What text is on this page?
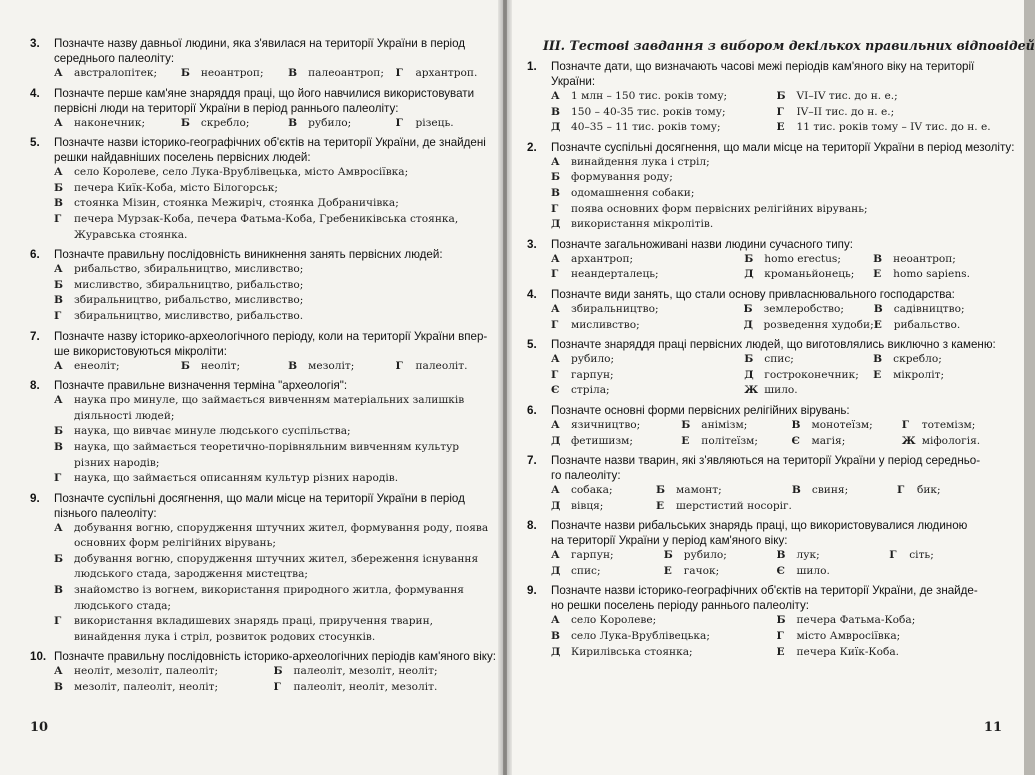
3.	Позначте назву давньої людини, яка з'явилася на території України в період
середнього палеоліту:
А	австралопітек;	Б	неоантроп;	В	палеоантроп;	Г	архантроп.
4.	Позначте перше кам'яне знаряддя праці, що його навчилися використовувати
первісні люди на території України в період раннього палеоліту:
А	наконечник;	Б	скребло;	В	рубило;	Г	різець.
5.	Позначте назви історико-географічних об'єктів на території України, де знайдені
решки найдавніших поселень первісних людей:
А	село Королеве, село Лука-Врублівецька, місто Амвросіївка;
Б	печера Киїк-Коба, місто Білогорськ;
В	стоянка Мізин, стоянка Межиріч, стоянка Добраничівка;
Г	печера Мурзак-Коба, печера Фатьма-Коба, Гребениківська стоянка, Журавська стоянка.
6.	Позначте правильну послідовність виникнення занять первісних людей:
А	рибальство, збиральництво, мисливство;
Б	мисливство, збиральництво, рибальство;
В	збиральництво, рибальство, мисливство;
Г	збиральництво, мисливство, рибальство.
7.	Позначте назву історико-археологічного періоду, коли на території України впер-
ше використовуються мікроліти:
А	енеоліт;	Б	неоліт;	В	мезоліт;	Г	палеоліт.
8.	Позначте правильне визначення терміна "археологія":
А	наука про минуле, що займається вивченням матеріальних залишків діяльності людей;
Б	наука, що вивчає минуле людського суспільства;
В	наука, що займається теоретично-порівняльним вивченням культур різних народів;
Г	наука, що займається описанням культур різних народів.
9.	Позначте суспільні досягнення, що мали місце на території України в період
пізнього палеоліту:
А	добування вогню, спорудження штучних жител, формування роду, поява основних форм релігійних вірувань;
Б	добування вогню, спорудження штучних жител, збереження існування людського стада, зародження мистецтва;
В	знайомство із вогнем, використання природного житла, формування людського стада;
Г	використання вкладишевих знарядь праці, приручення тварин, винайдення лука і стріл, розвиток родових стосунків.
10. Позначте правильну послідовність історико-археологічних періодів кам'яного віку:
А	неоліт, мезоліт, палеоліт;	Б	палеоліт, мезоліт, неоліт;
В	мезоліт, палеоліт, неоліт;	Г	палеоліт, неоліт, мезоліт.
10
ІІІ. Тестові завдання з вибором декількох правильних відповідей
1.	Позначте дати, що визначають часові межі періодів кам'яного віку на території
України:
А	1 млн – 150 тис. років тому;	Б	VI–IV тис. до н. е.;
В	150 – 40-35 тис. років тому;	Г	IV–II тис. до н. е.;
Д 40–35 – 11 тис. років тому;	Е	11 тис. років тому – IV тис. до н. е.
2.	Позначте суспільні досягнення, що мали місце на території України в період мезоліту:
А	винайдення лука і стріл;
Б	формування роду;
В	одомашнення собаки;
Г	поява основних форм первісних релігійних вірувань;
Д використання мікролітів.
3.	Позначте загальноживані назви людини сучасного типу:
А	архантроп;	Б	homo erectus;	В	неоантроп;
Г	неандерталець;	Д кроманьйонець;	Е	homo sapiens.
4.	Позначте види занять, що стали основу привласнювального господарства:
А	збиральництво;	Б	землеробство;	В	садівництво;
Г	мисливство;	Д розведення худоби; Е	рибальство.
5.	Позначте знаряддя праці первісних людей, що виготовлялись виключно з каменю:
А	рубило;	Б	спис;	В	скребло;
Г	гарпун;	Д гостроконечник;	Е	мікроліт;
Є	стріла;	Ж шило.
6.	Позначте основні форми первісних релігійних вірувань:
А	язичництво;	Б	анімізм;	В	монотеїзм;	Г	тотемізм;
Д фетишизм;	Е	політеїзм;	Є	магія;	Ж міфологія.
7.	Позначте назви тварин, які з'являються на території України у період середньо-
го палеоліту:
А	собака;	Б	мамонт;	В	свиня;	Г	бик;
Д вівця;	Е	шерстистий носоріг.
8.	Позначте назви рибальських знарядь праці, що використовувалися людиною
на території України у період кам'яного віку:
А	гарпун;	Б	рубило;	В	лук;	Г	сіть;
Д спис;	Е	гачок;	Є	шило.
9.	Позначте назви історико-географічних об'єктів на території України, де знайде-
но решки поселень періоду раннього палеоліту:
А	село Королеве;	Б	печера Фатьма-Коба;
В	село Лука-Врублівецька;	Г	місто Амвросіївка;
Д Кирилівська стоянка;	Е	печера Киїк-Коба.
11
